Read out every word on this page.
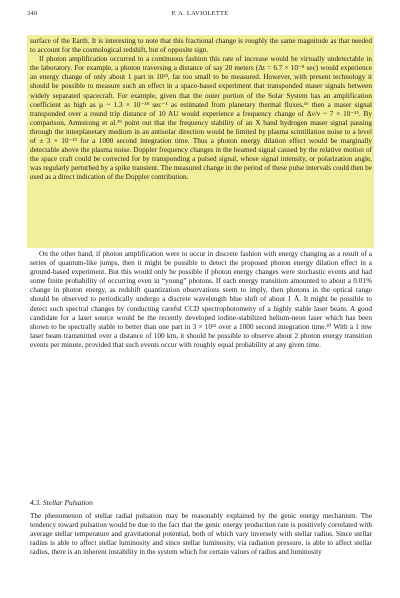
340	P. A. LAVIOLETTE

surface of the Earth. It is interesting to note that this fractional change is roughly the same magnitude as that needed to account for the cosmological redshift, but of opposite sign.

If photon amplification occurred in a continuous fashion this rate of increase would be virtually undetectable in the laboratory. For example, a photon traversing a distance of say 20 meters (Δt = 6.7 × 10⁻⁸ sec) would experience an energy change of only about 1 part in 10²³, far too small to be measured. However, with present technology it should be possible to measure such an effect in a space-based experiment that transponded maser signals between widely separated spacecraft. For example, given that the outer portion of the Solar System has an amplification coefficient as high as µ ~ 1.3 × 10⁻¹⁸ sec⁻¹ as estimated from planetary thermal fluxes,¹⁶ then a maser signal transponded over a round trip distance of 10 AU would experience a frequency change of Δν/ν ~ 7 × 10⁻¹⁵. By comparison, Armstrong et al.¹⁹ point out that the frequency stability of an X band hydrogen maser signal passing through the interplanetary medium in an antisolar direction would be limited by plasma scintillation noise to a level of ± 3 × 10⁻¹⁵ for a 1000 second integration time. Thus a photon energy dilation effect would be marginally detectable above the plasma noise. Doppler frequency changes in the beamed signal caused by the relative motion of the space craft could be corrected for by transponding a pulsed signal, whose signal intensity, or polarization angle, was regularly perturbed by a spike transient. The measured change in the period of these pulse intervals could then be used as a direct indication of the Doppler contribution.

On the other hand, if photon amplification were to occur in discrete fashion with energy changing as a result of a series of quantum-like jumps, then it might be possible to detect the proposed photon energy dilation effect in a ground-based experiment. But this would only be possible if photon energy changes were stochastic events and had some finite probability of occurring even in “young” photons. If each energy transition amounted to about a 0.01% change in photon energy, as redshift quantization observations seem to imply, then photons in the optical range should be observed to periodically undergo a discrete wavelength blue shift of about 1 Å. It might be possible to detect such spectral changes by conducting careful CCD spectrophotometry of a highly stable laser beam. A good candidate for a laser source would be the recently developed iodine-stabilized helium-neon laser which has been shown to be spectrally stable to better than one part in 3 × 10¹² over a 1000 second integration time.²⁰ With a 1 mw laser beam transmitted over a distance of 100 km, it should be possible to observe about 2 photon energy transition events per minute, provided that such events occur with roughly equal probability at any given time.

4.3. Stellar Pulsation

The phenomenon of stellar radial pulsation may be reasonably explained by the genic energy mechanism. The tendency toward pulsation would be due to the fact that the genic energy production rate is positively correlated with average stellar temperature and gravitational potential, both of which vary inversely with stellar radius. Since stellar radius is able to affect stellar luminosity and since stellar luminosity, via radiation pressure, is able to affect stellar radius, there is an inherent instability in the system which for certain values of radius and luminosity
